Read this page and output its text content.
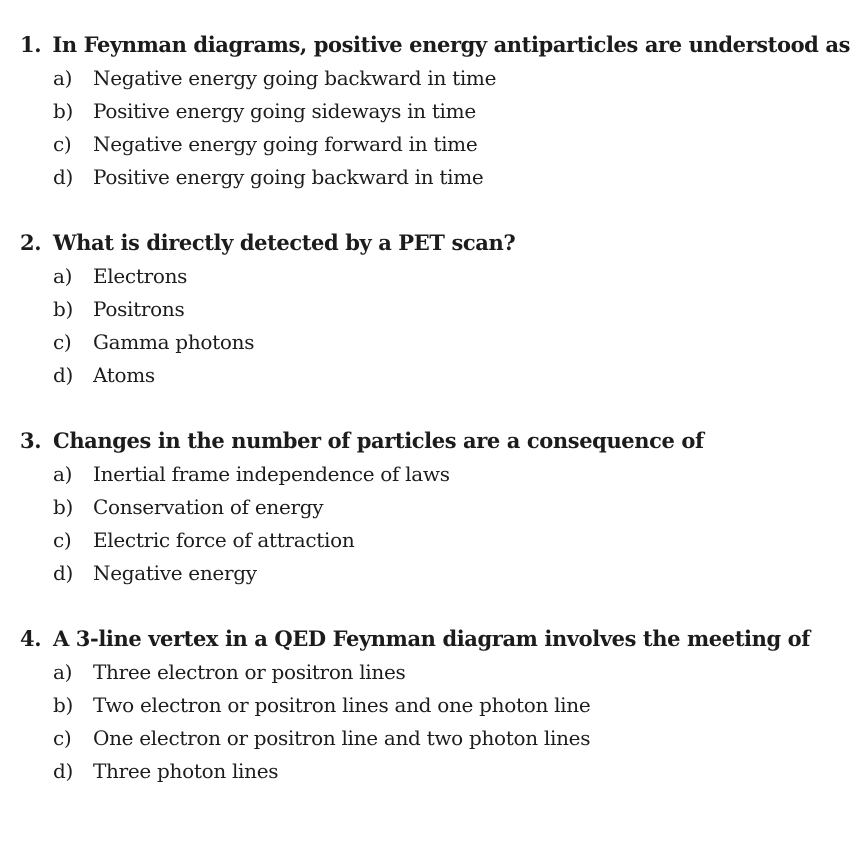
1. In Feynman diagrams, positive energy antiparticles are understood as
a)	Negative energy going backward in time
b) Positive energy going sideways in time
c)	Negative energy going forward in time
d) Positive energy going backward in time
2. What is directly detected by a PET scan?
a)	Electrons
b) Positrons
c)	Gamma photons
d) Atoms
3. Changes in the number of particles are a consequence of
a)	Inertial frame independence of laws
b) Conservation of energy
c)	Electric force of attraction
d) Negative energy
4. A 3-line vertex in a QED Feynman diagram involves the meeting of
a)	Three electron or positron lines
b) Two electron or positron lines and one photon line
c)	One electron or positron line and two photon lines
d) Three photon lines
